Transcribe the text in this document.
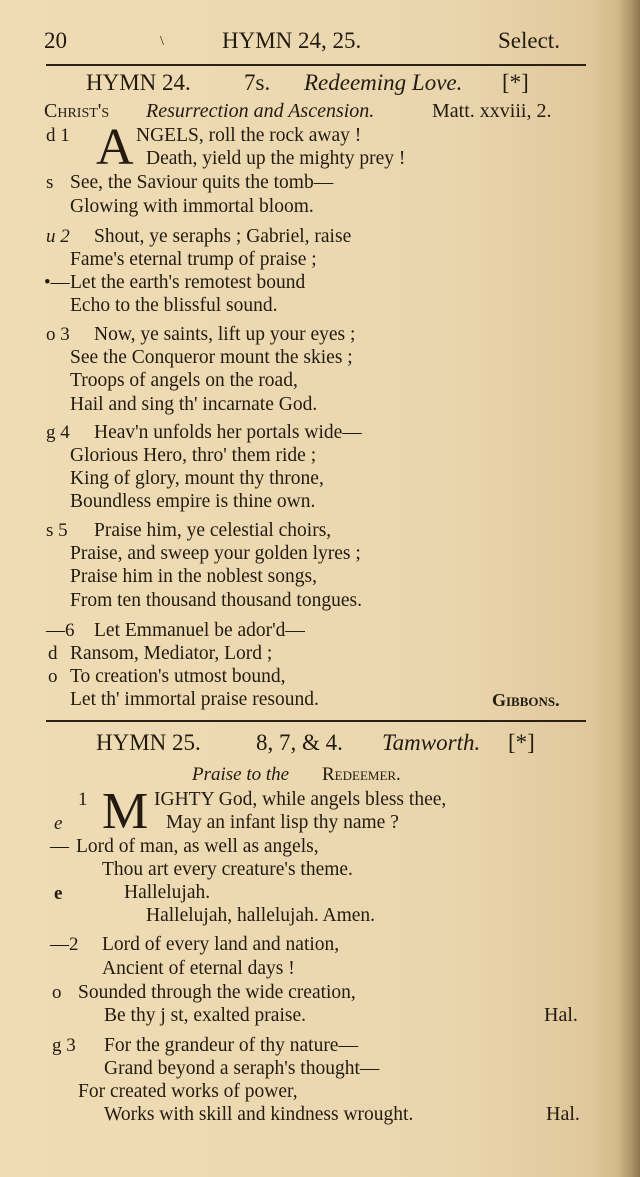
20	\	HYMN 24, 25.	Select.
HYMN 24. 7s. Redeeming Love. [*]
Christ's Resurrection and Ascension.	Matt. xxviii, 2.
d 1 A NGELS, roll the rock away !
Death, yield up the mighty prey !
s See, the Saviour quits the tomb—
Glowing with immortal bloom.
u 2 Shout, ye seraphs ; Gabriel, raise
Fame's eternal trump of praise ;
•— Let the earth's remotest bound
Echo to the blissful sound.
o 3 Now, ye saints, lift up your eyes ;
See the Conqueror mount the skies ;
Troops of angels on the road,
Hail and sing th' incarnate God.
g 4 Heav'n unfolds her portals wide—
Glorious Hero, thro' them ride ;
King of glory, mount thy throne,
Boundless empire is thine own.
s 5 Praise him, ye celestial choirs,
Praise, and sweep your golden lyres ;
Praise him in the noblest songs,
From ten thousand thousand tongues.
—6 Let Emmanuel be ador'd—
d Ransom, Mediator, Lord ;
o To creation's utmost bound,
Let th' immortal praise resound.	Gibbons.
HYMN 25. 8, 7, & 4. Tamworth. [*]
Praise to the Redeemer.
1 M IGHTY God, while angels bless thee,
e	May an infant lisp thy name ?
— Lord of man, as well as angels,
Thou art every creature's theme.
e	Hallelujah.
Hallelujah, hallelujah. Amen.
—2 Lord of every land and nation,
Ancient of eternal days !
o Sounded through the wide creation,
Be thy j st, exalted praise.	Hal.
g 3 For the grandeur of thy nature—
Grand beyond a seraph's thought—
For created works of power,
Works with skill and kindness wrought.	Hal.
